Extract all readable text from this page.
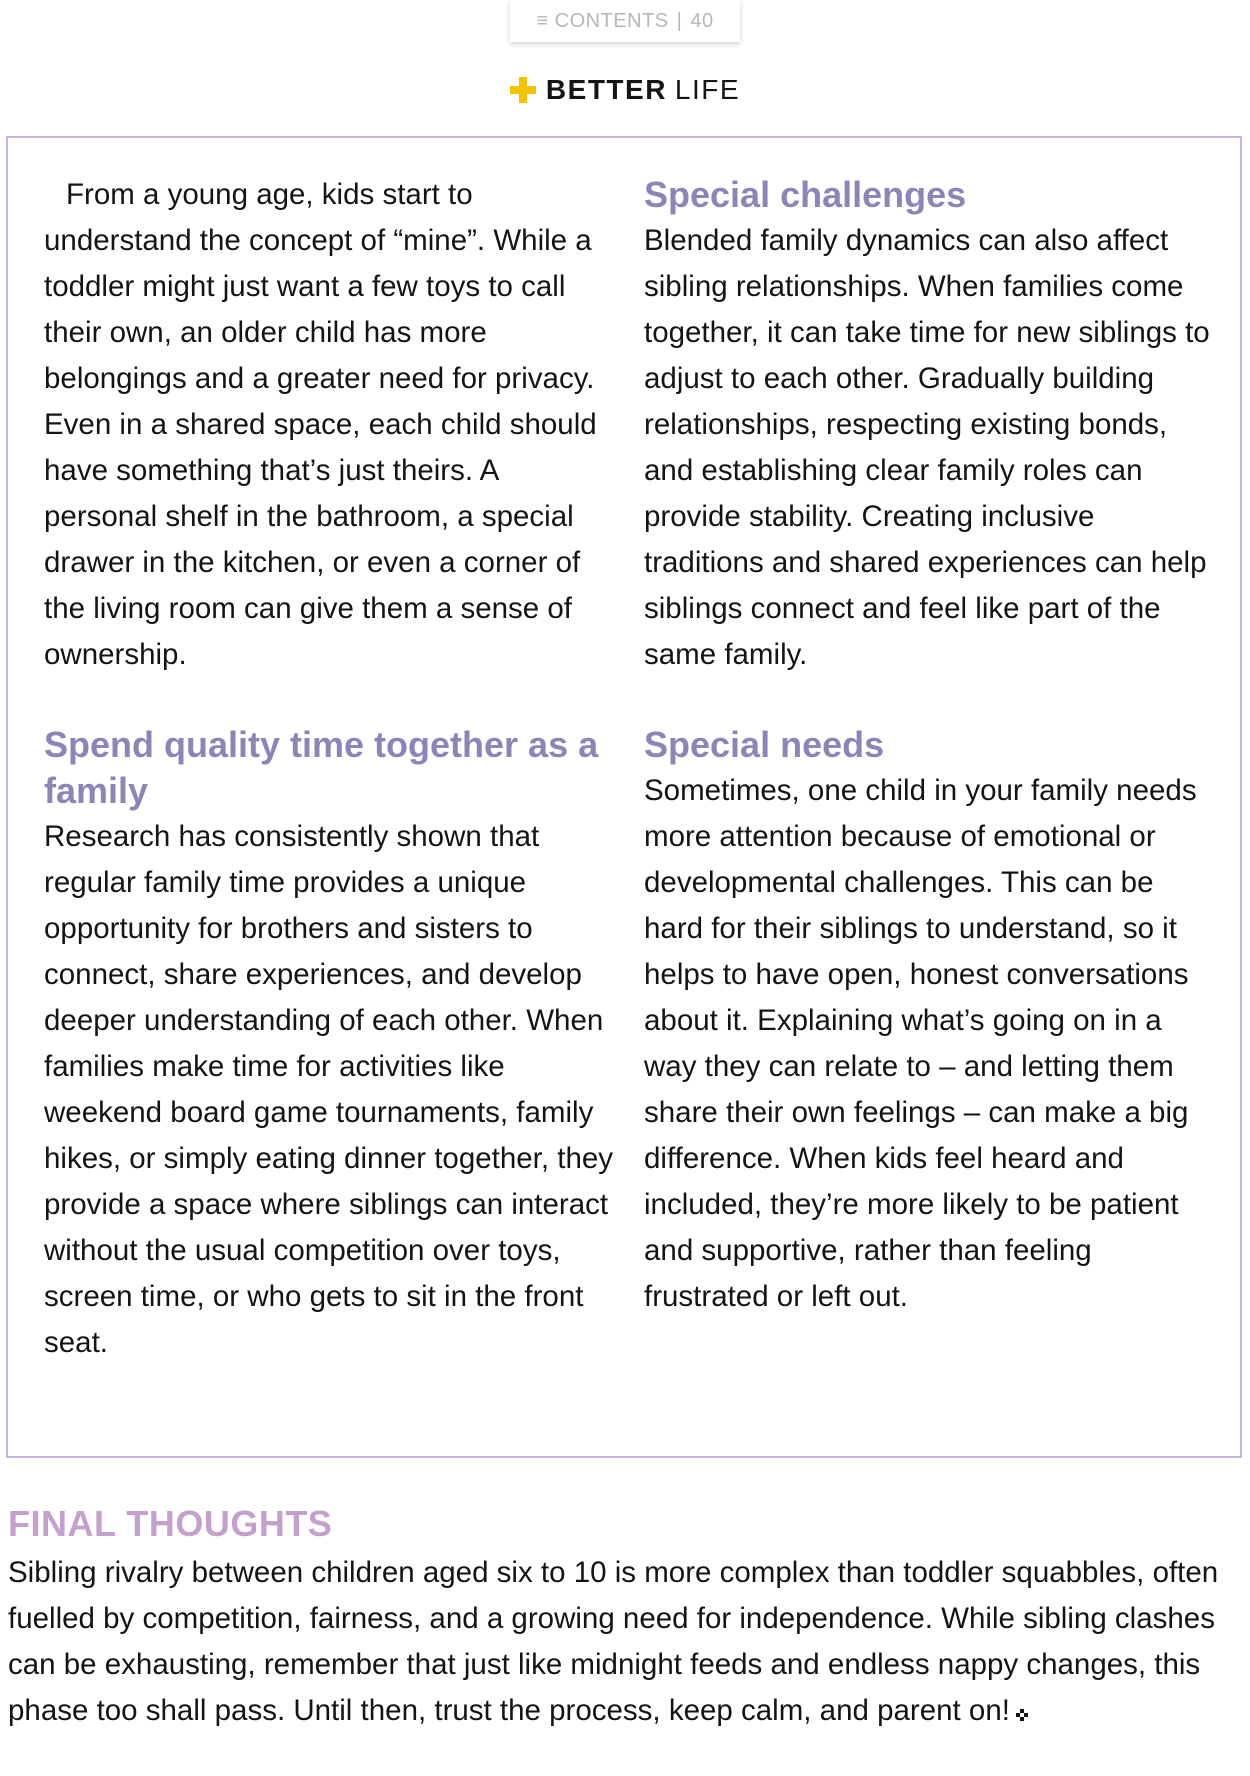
≡ CONTENTS | 40
BETTER LIFE

From a young age, kids start to understand the concept of “mine”. While a toddler might just want a few toys to call their own, an older child has more belongings and a greater need for privacy. Even in a shared space, each child should have something that’s just theirs. A personal shelf in the bathroom, a special drawer in the kitchen, or even a corner of the living room can give them a sense of ownership.

Spend quality time together as a family

Research has consistently shown that regular family time provides a unique opportunity for brothers and sisters to connect, share experiences, and develop deeper understanding of each other. When families make time for activities like weekend board game tournaments, family hikes, or simply eating dinner together, they provide a space where siblings can interact without the usual competition over toys, screen time, or who gets to sit in the front seat.

Special challenges

Blended family dynamics can also affect sibling relationships. When families come together, it can take time for new siblings to adjust to each other. Gradually building relationships, respecting existing bonds, and establishing clear family roles can provide stability. Creating inclusive traditions and shared experiences can help siblings connect and feel like part of the same family.

Special needs

Sometimes, one child in your family needs more attention because of emotional or developmental challenges. This can be hard for their siblings to understand, so it helps to have open, honest conversations about it. Explaining what’s going on in a way they can relate to – and letting them share their own feelings – can make a big difference. When kids feel heard and included, they’re more likely to be patient and supportive, rather than feeling frustrated or left out.

FINAL THOUGHTS

Sibling rivalry between children aged six to 10 is more complex than toddler squabbles, often fuelled by competition, fairness, and a growing need for independence. While sibling clashes can be exhausting, remember that just like midnight feeds and endless nappy changes, this phase too shall pass. Until then, trust the process, keep calm, and parent on!
